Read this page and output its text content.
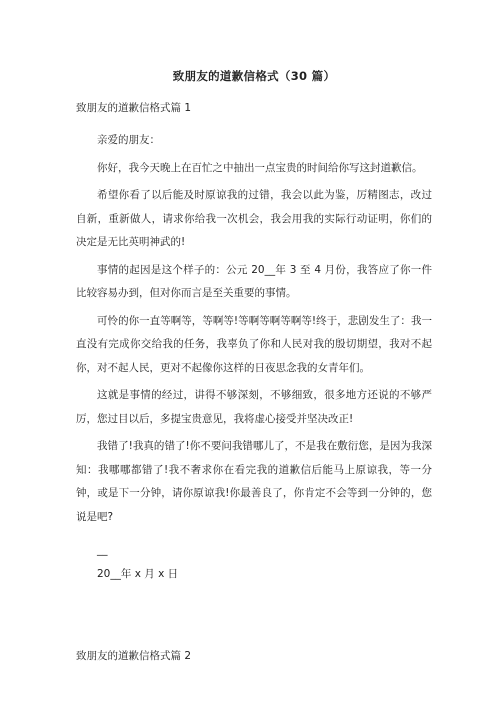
致朋友的道歉信格式（30 篇）
致朋友的道歉信格式篇 1

亲爱的朋友：

你好，我今天晚上在百忙之中抽出一点宝贵的时间给你写这封道歉信。

希望你看了以后能及时原谅我的过错，我会以此为鉴，厉精图志，改过自新，重新做人，请求你给我一次机会，我会用我的实际行动证明，你们的决定是无比英明神武的!

事情的起因是这个样子的：公元 20__年 3 至 4 月份，我答应了你一件比较容易办到，但对你而言是至关重要的事情。

可怜的你一直等啊等，等啊等!等啊等啊等啊等!终于，悲剧发生了：我一直没有完成你交给我的任务，我辜负了你和人民对我的殷切期望，我对不起你，对不起人民，更对不起像你这样的日夜思念我的女青年们。

这就是事情的经过，讲得不够深刻，不够细致，很多地方还说的不够严厉，您过目以后，多提宝贵意见，我将虚心接受并坚决改正!

我错了!我真的错了!你不要问我错哪儿了，不是我在敷衍您，是因为我深知：我哪哪都错了!我不奢求你在看完我的道歉信后能马上原谅我，等一分钟，或是下一分钟，请你原谅我!你最善良了，你肯定不会等到一分钟的，您说是吧?

__

20__年 x 月 x 日

致朋友的道歉信格式篇 2
